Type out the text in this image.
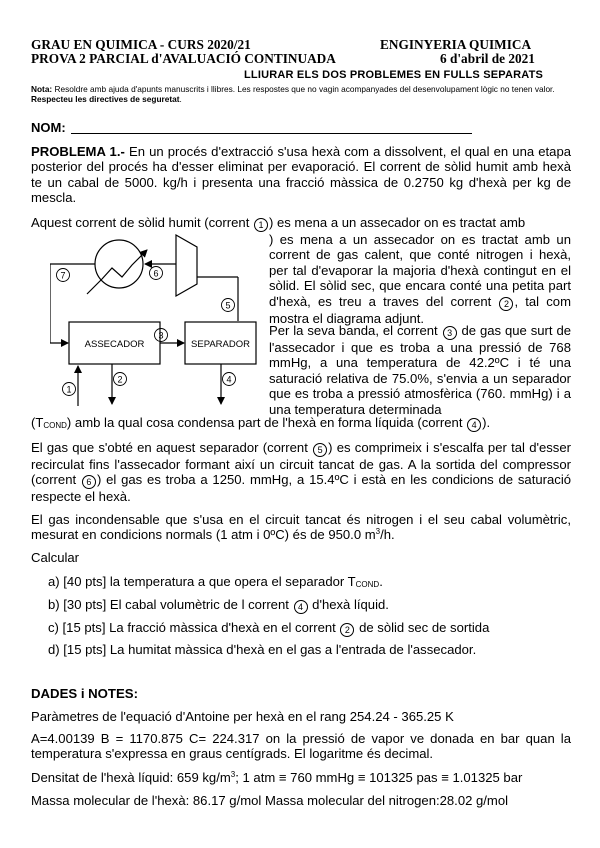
GRAU EN QUIMICA - CURS 2020/21	ENGINYERIA QUIMICA
PROVA 2 PARCIAL d'AVALUACIÓ CONTINUADA	6 d'abril de 2021
LLIURAR ELS DOS PROBLEMES EN FULLS SEPARATS
Nota: Resoldre amb ajuda d'apunts manuscrits i llibres. Les respostes que no vagin acompanyades del desenvolupament lògic no tenen valor. Respecteu les directives de seguretat.
NOM:
PROBLEMA 1.- En un procés d'extracció s'usa hexà com a dissolvent, el qual en una etapa posterior del procés ha d'esser eliminat per evaporació. El corrent de sòlid humit amb hexà te un cabal de 5000. kg/h i presenta una fracció màssica de 0.2750 kg d'hexà per kg de mescla.
Aquest corrent de sòlid humit (corrent 1 ) es mena a un assecador on es tractat amb
) es mena a un assecador on es tractat amb un corrent de gas calent, que conté nitrogen i hexà, per tal d'evaporar la majoria d'hexà contingut en el sòlid. El sòlid sec, que encara conté una petita part d'hexà, es treu a traves del corrent 2 , tal com mostra el diagrama adjunt.
Per la seva banda, el corrent 3 de gas que surt de l'assecador i que es troba a una pressió de 768 mmHg, a una temperatura de 42.2ºC i té una saturació relativa de 75.0%, s'envia a un separador que es troba a pressió atmosfèrica (760. mmHg) i a una temperatura determinada
$(T_{COND})$ amb la qual cosa condensa part de l'hexà en forma líquida (corrent 4 ).
ASSECADOR	SEPARADOR
3
1
2	4
5
6
7
El gas que s'obté en aquest separador (corrent 5 ) es comprimeix i s'escalfa per tal d'esser recirculat fins l'assecador formant així un circuit tancat de gas. A la sortida del compressor (corrent 6 ) el gas es troba a 1250. mmHg, a 15.4ºC i està en les condicions de saturació respecte el hexà.
El gas incondensable que s'usa en el circuit tancat és nitrogen i el seu cabal volumètric, mesurat en condicions normals (1 atm i 0ºC) és de 950.0 $m^3/h$.
Calcular
a) [40 pts] la temperatura a que opera el separador $T_{COND}$.
b) [30 pts] El cabal volumètric de l corrent 4 d'hexà líquid.
c) [15 pts] La fracció màssica d'hexà en el corrent 2 de sòlid sec de sortida
d) [15 pts] La humitat màssica d'hexà en el gas a l'entrada de l'assecador.
DADES i NOTES:
Paràmetres de l'equació d'Antoine per hexà en el rang 254.24 - 365.25 K
A=4.00139 B = 1170.875 C= 224.317 on la pressió de vapor ve donada en bar quan la temperatura s'expressa en graus centígrads. El logaritme és decimal.
Densitat de l'hexà líquid: 659 $kg/m^3$; 1 atm ≡ 760 mmHg ≡ 101325 pas ≡ 1.01325 bar
Massa molecular de l'hexà: 86.17 g/mol Massa molecular del nitrogen:28.02 g/mol
